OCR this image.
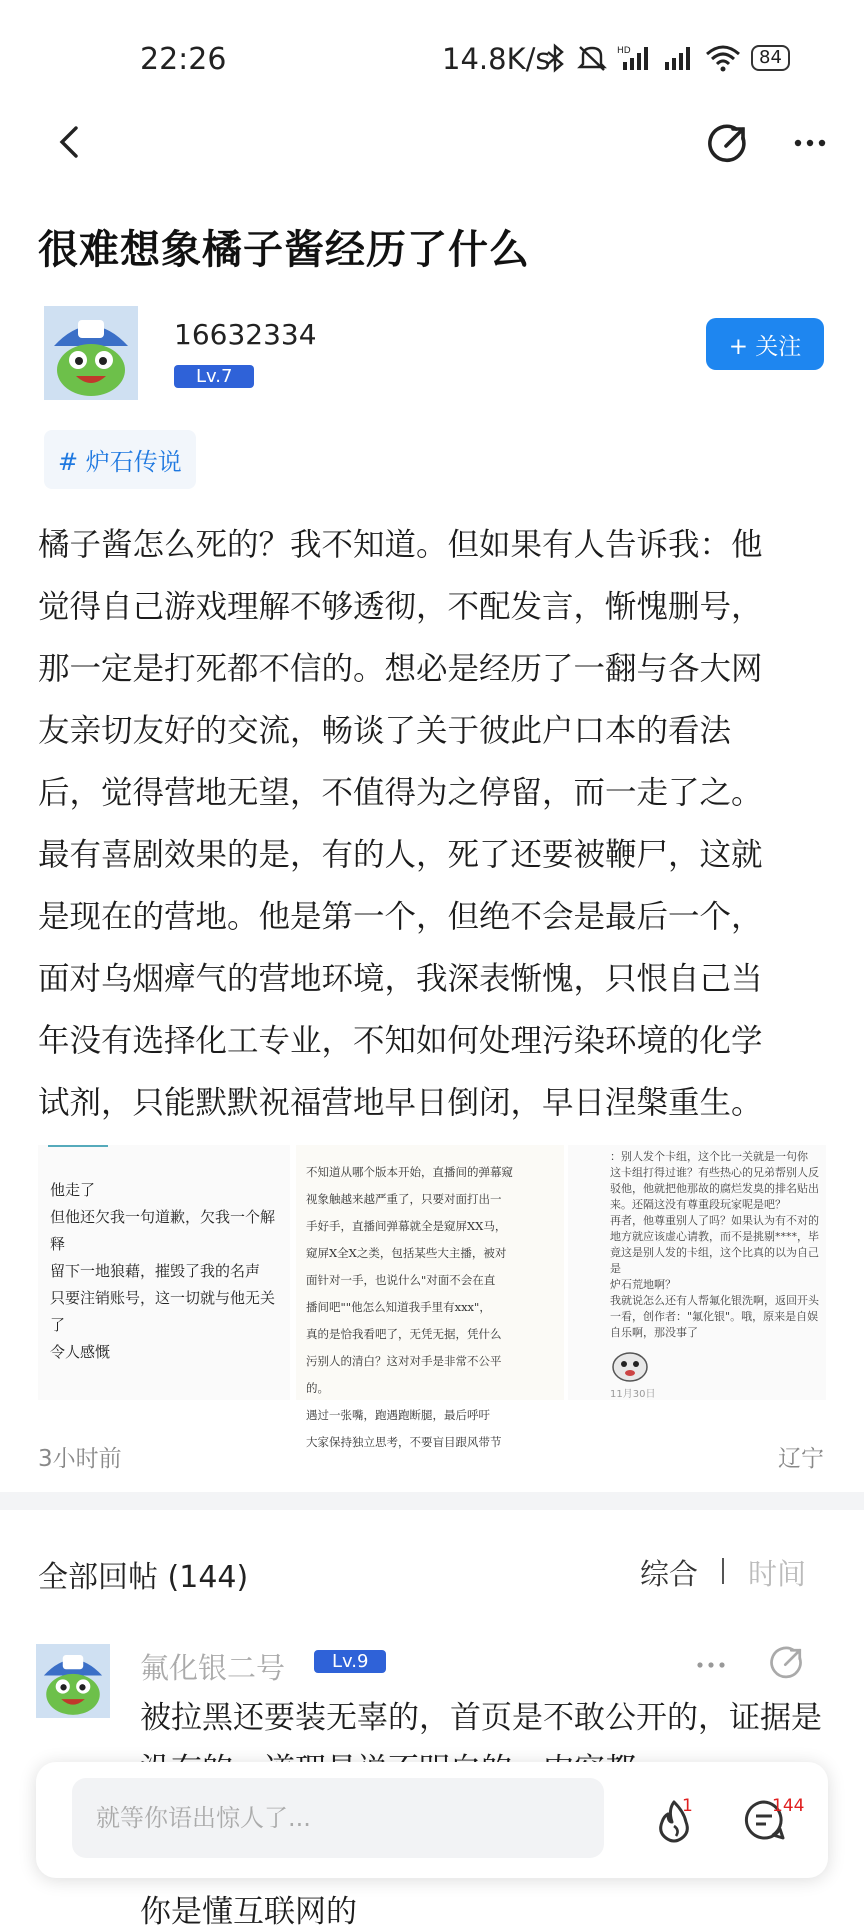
22:26	14.8K/s	HD	84
很难想象橘子酱经历了什么
16632334
Lv.7
+ 关注
# 炉石传说

橘子酱怎么死的？我不知道。但如果有人告诉我：他

觉得自己游戏理解不够透彻，不配发言，惭愧删号，

那一定是打死都不信的。想必是经历了一翻与各大网

友亲切友好的交流，畅谈了关于彼此户口本的看法

后，觉得营地无望，不值得为之停留，而一走了之。

最有喜剧效果的是，有的人，死了还要被鞭尸，这就

是现在的营地。他是第一个，但绝不会是最后一个，

面对乌烟瘴气的营地环境，我深表惭愧，只恨自己当

年没有选择化工专业，不知如何处理污染环境的化学

试剂，只能默默祝福营地早日倒闭，早日涅槃重生。

他走了
但他还欠我一句道歉，欠我一个解
释
留下一地狼藉，摧毁了我的名声
只要注销账号，这一切就与他无关
了
令人感慨
不知道从哪个版本开始，直播间的弹幕窥
视象触越来越严重了，只要对面打出一
手好手，直播间弹幕就全是窥屏XX马，
窥屏X全X之类，包括某些大主播，被对
面针对一手，也说什么"对面不会在直
播间吧""他怎么知道我手里有xxx"，
真的是恰我看吧了，无凭无据，凭什么
污别人的清白？这对对手是非常不公平
的。
遇过一张嘴，跑遇跑断腿，最后呼吁
大家保持独立思考，不要盲目跟风带节
：别人发个卡组，这个比一关就是一句你
这卡组打得过谁？有些热心的兄弟帮别人反
驳他，他就把他那故的腐烂发臭的排名贴出
来。还隔这没有尊重段玩家呢是吧？
再者，他尊重别人了吗？如果认为有不对的
地方就应该虚心请教，而不是挑剔****，毕
竟这是别人发的卡组，这个比真的以为自己是
炉石荒地啊？
我就说怎么还有人帮氟化银洗啊，返回开头
一看，创作者："氟化银"。哦，原来是自娱
自乐啊，那没事了
11月30日
3小时前	辽宁
全部回帖 (144)	综合 时间
氟化银二号	Lv.9
被拉黑还要装无辜的，首页是不敢公开的，证据是
你是懂互联网的
就等你语出惊人了...	1	144
